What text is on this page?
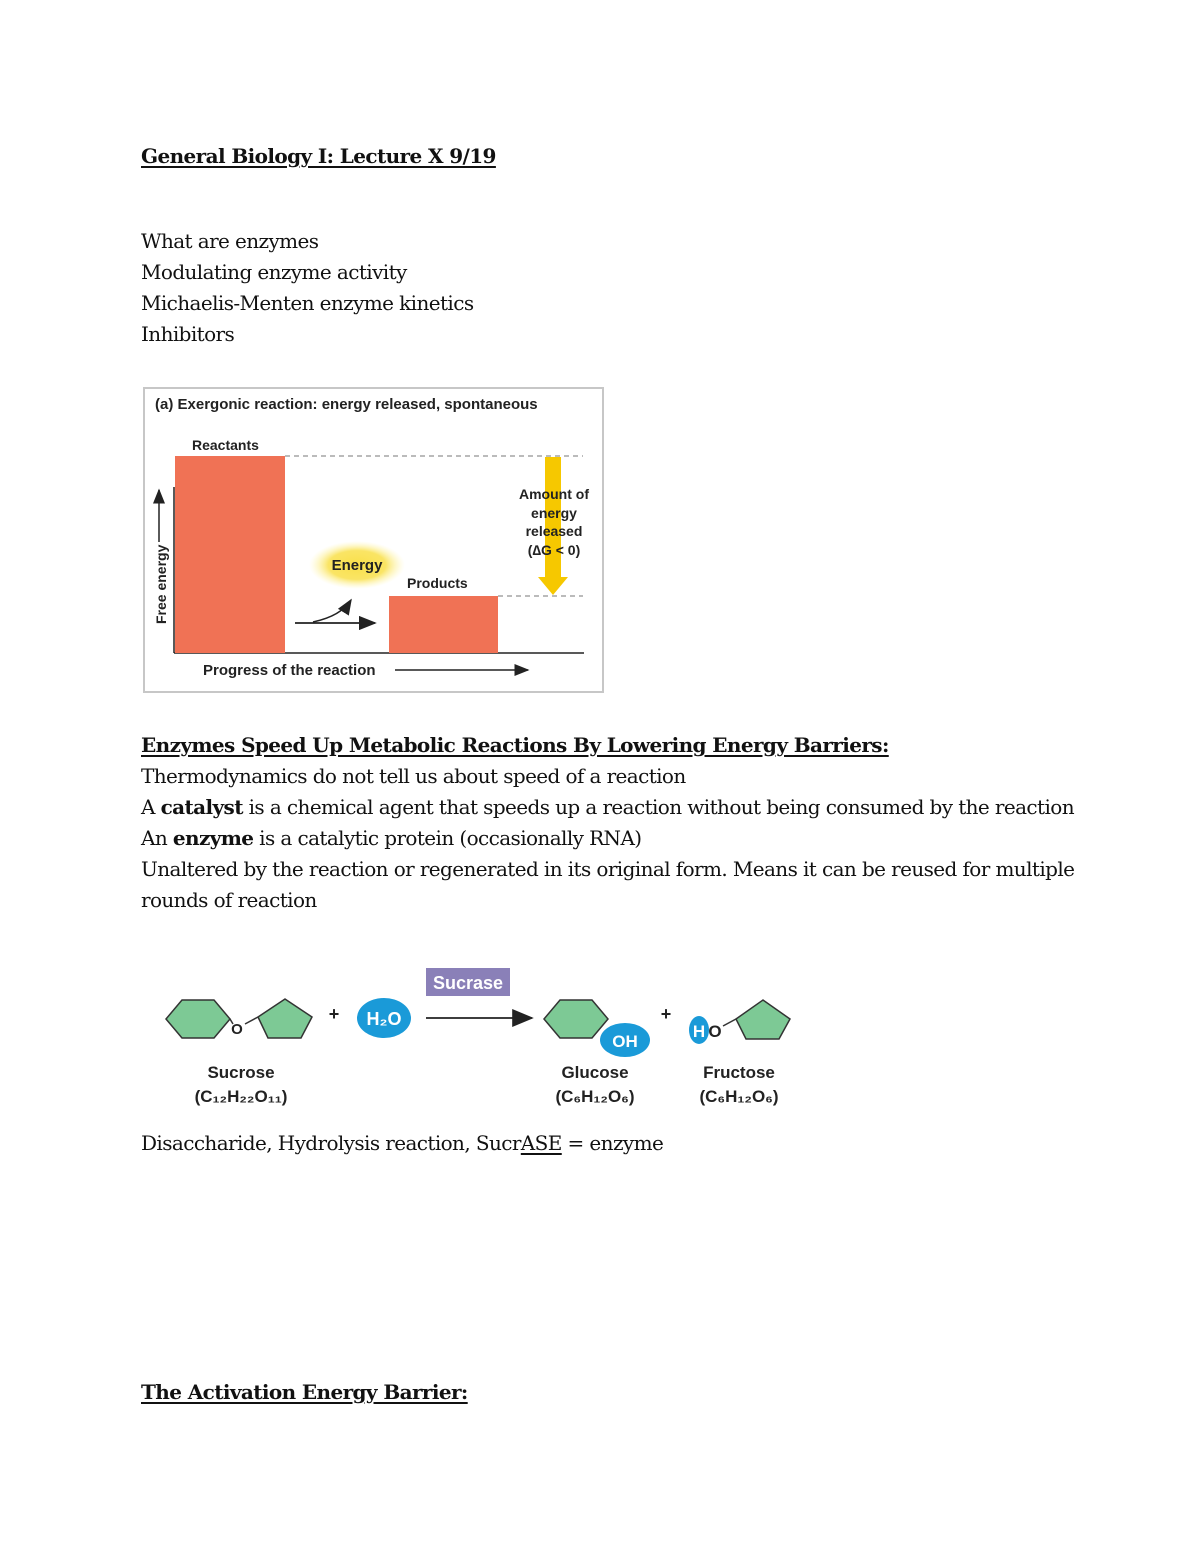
General Biology I: Lecture X 9/19
What are enzymes
Modulating enzyme activity
Michaelis-Menten enzyme kinetics
Inhibitors
(a) Exergonic reaction: energy released, spontaneous
Reactants
Products
Energy
Amount of
energy
released
(∆G < 0)
Free energy
Progress of the reaction
Enzymes Speed Up Metabolic Reactions By Lowering Energy Barriers:
Thermodynamics do not tell us about speed of a reaction
A catalyst is a chemical agent that speeds up a reaction without being consumed by the reaction
An enzyme is a catalytic protein (occasionally RNA)
Unaltered by the reaction or regenerated in its original form. Means it can be reused for multiple
rounds of reaction
O
+ H₂O
Sucrase
OH
+
H O
Sucrose
(C₁₂H₂₂O₁₁)
Glucose
(C₆H₁₂O₆)
Fructose
(C₆H₁₂O₆)
Disaccharide, Hydrolysis reaction, SucrASE = enzyme
The Activation Energy Barrier:
